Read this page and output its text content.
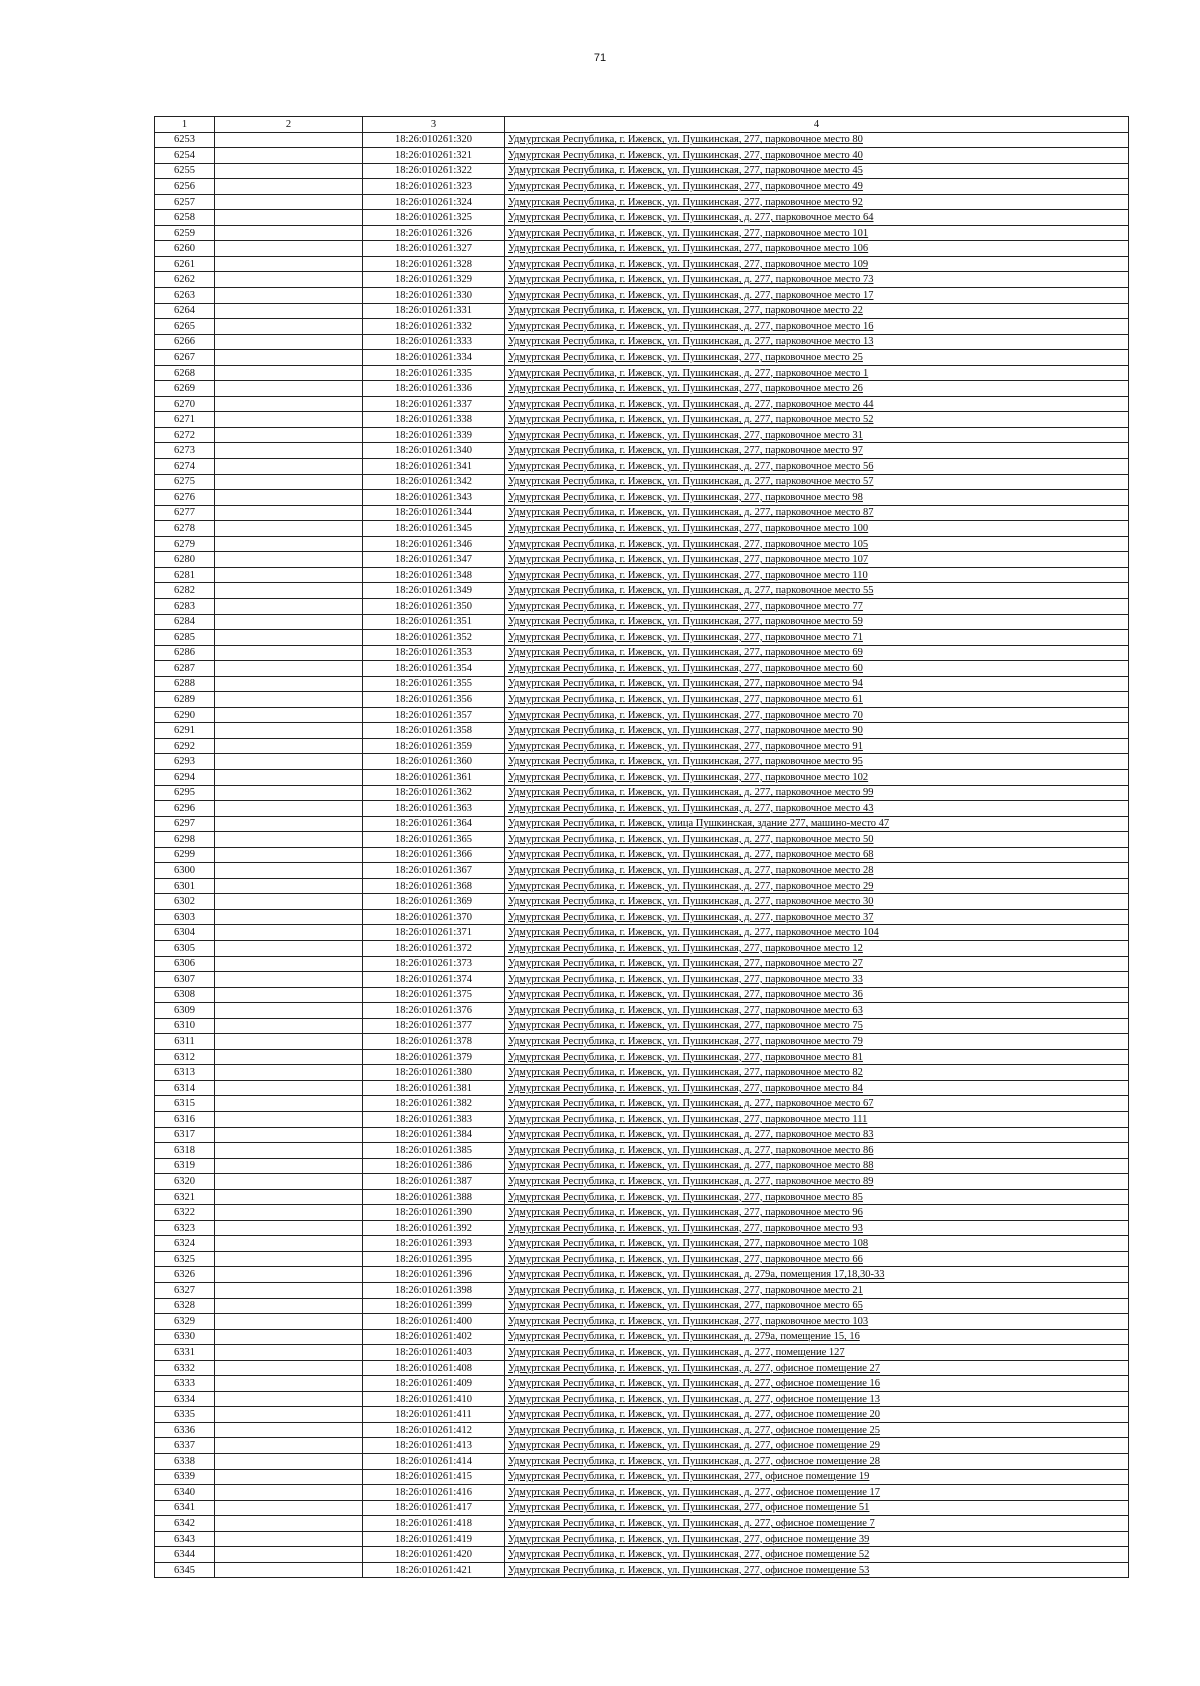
71
1	2	3	4
6253		18:26:010261:320	Удмуртская Республика, г. Ижевск, ул. Пушкинская, 277, парковочное место 80
6254		18:26:010261:321	Удмуртская Республика, г. Ижевск, ул. Пушкинская, 277, парковочное место 40
6255		18:26:010261:322	Удмуртская Республика, г. Ижевск, ул. Пушкинская, 277, парковочное место 45
6256		18:26:010261:323	Удмуртская Республика, г. Ижевск, ул. Пушкинская, 277, парковочное место 49
6257		18:26:010261:324	Удмуртская Республика, г. Ижевск, ул. Пушкинская, 277, парковочное место 92
6258		18:26:010261:325	Удмуртская Республика, г. Ижевск, ул. Пушкинская, д. 277, парковочное место 64
6259		18:26:010261:326	Удмуртская Республика, г. Ижевск, ул. Пушкинская, 277, парковочное место 101
6260		18:26:010261:327	Удмуртская Республика, г. Ижевск, ул. Пушкинская, 277, парковочное место 106
6261		18:26:010261:328	Удмуртская Республика, г. Ижевск, ул. Пушкинская, 277, парковочное место 109
6262		18:26:010261:329	Удмуртская Республика, г. Ижевск, ул. Пушкинская, д. 277, парковочное место 73
6263		18:26:010261:330	Удмуртская Республика, г. Ижевск, ул. Пушкинская, д. 277, парковочное место 17
6264		18:26:010261:331	Удмуртская Республика, г. Ижевск, ул. Пушкинская, 277, парковочное место 22
6265		18:26:010261:332	Удмуртская Республика, г. Ижевск, ул. Пушкинская, д. 277, парковочное место 16
6266		18:26:010261:333	Удмуртская Республика, г. Ижевск, ул. Пушкинская, д. 277, парковочное место 13
6267		18:26:010261:334	Удмуртская Республика, г. Ижевск, ул. Пушкинская, 277, парковочное место 25
6268		18:26:010261:335	Удмуртская Республика, г. Ижевск, ул. Пушкинская, д. 277, парковочное место 1
6269		18:26:010261:336	Удмуртская Республика, г. Ижевск, ул. Пушкинская, 277, парковочное место 26
6270		18:26:010261:337	Удмуртская Республика, г. Ижевск, ул. Пушкинская, д. 277, парковочное место 44
6271		18:26:010261:338	Удмуртская Республика, г. Ижевск, ул. Пушкинская, д. 277, парковочное место 52
6272		18:26:010261:339	Удмуртская Республика, г. Ижевск, ул. Пушкинская, 277, парковочное место 31
6273		18:26:010261:340	Удмуртская Республика, г. Ижевск, ул. Пушкинская, 277, парковочное место 97
6274		18:26:010261:341	Удмуртская Республика, г. Ижевск, ул. Пушкинская, д. 277, парковочное место 56
6275		18:26:010261:342	Удмуртская Республика, г. Ижевск, ул. Пушкинская, д. 277, парковочное место 57
6276		18:26:010261:343	Удмуртская Республика, г. Ижевск, ул. Пушкинская, 277, парковочное место 98
6277		18:26:010261:344	Удмуртская Республика, г. Ижевск, ул. Пушкинская, д. 277, парковочное место 87
6278		18:26:010261:345	Удмуртская Республика, г. Ижевск, ул. Пушкинская, 277, парковочное место 100
6279		18:26:010261:346	Удмуртская Республика, г. Ижевск, ул. Пушкинская, 277, парковочное место 105
6280		18:26:010261:347	Удмуртская Республика, г. Ижевск, ул. Пушкинская, 277, парковочное место 107
6281		18:26:010261:348	Удмуртская Республика, г. Ижевск, ул. Пушкинская, 277, парковочное место 110
6282		18:26:010261:349	Удмуртская Республика, г. Ижевск, ул. Пушкинская, д. 277, парковочное место 55
6283		18:26:010261:350	Удмуртская Республика, г. Ижевск, ул. Пушкинская, 277, парковочное место 77
6284		18:26:010261:351	Удмуртская Республика, г. Ижевск, ул. Пушкинская, 277, парковочное место 59
6285		18:26:010261:352	Удмуртская Республика, г. Ижевск, ул. Пушкинская, 277, парковочное место 71
6286		18:26:010261:353	Удмуртская Республика, г. Ижевск, ул. Пушкинская, 277, парковочное место 69
6287		18:26:010261:354	Удмуртская Республика, г. Ижевск, ул. Пушкинская, 277, парковочное место 60
6288		18:26:010261:355	Удмуртская Республика, г. Ижевск, ул. Пушкинская, 277, парковочное место 94
6289		18:26:010261:356	Удмуртская Республика, г. Ижевск, ул. Пушкинская, 277, парковочное место 61
6290		18:26:010261:357	Удмуртская Республика, г. Ижевск, ул. Пушкинская, 277, парковочное место 70
6291		18:26:010261:358	Удмуртская Республика, г. Ижевск, ул. Пушкинская, 277, парковочное место 90
6292		18:26:010261:359	Удмуртская Республика, г. Ижевск, ул. Пушкинская, 277, парковочное место 91
6293		18:26:010261:360	Удмуртская Республика, г. Ижевск, ул. Пушкинская, 277, парковочное место 95
6294		18:26:010261:361	Удмуртская Республика, г. Ижевск, ул. Пушкинская, 277, парковочное место 102
6295		18:26:010261:362	Удмуртская Республика, г. Ижевск, ул. Пушкинская, д. 277, парковочное место 99
6296		18:26:010261:363	Удмуртская Республика, г. Ижевск, ул. Пушкинская, д. 277, парковочное место 43
6297		18:26:010261:364	Удмуртская Республика, г. Ижевск, улица Пушкинская, здание 277, машино-место 47
6298		18:26:010261:365	Удмуртская Республика, г. Ижевск, ул. Пушкинская, д. 277, парковочное место 50
6299		18:26:010261:366	Удмуртская Республика, г. Ижевск, ул. Пушкинская, д. 277, парковочное место 68
6300		18:26:010261:367	Удмуртская Республика, г. Ижевск, ул. Пушкинская, д. 277, парковочное место 28
6301		18:26:010261:368	Удмуртская Республика, г. Ижевск, ул. Пушкинская, д. 277, парковочное место 29
6302		18:26:010261:369	Удмуртская Республика, г. Ижевск, ул. Пушкинская, д. 277, парковочное место 30
6303		18:26:010261:370	Удмуртская Республика, г. Ижевск, ул. Пушкинская, д. 277, парковочное место 37
6304		18:26:010261:371	Удмуртская Республика, г. Ижевск, ул. Пушкинская, д. 277, парковочное место 104
6305		18:26:010261:372	Удмуртская Республика, г. Ижевск, ул. Пушкинская, 277, парковочное место 12
6306		18:26:010261:373	Удмуртская Республика, г. Ижевск, ул. Пушкинская, 277, парковочное место 27
6307		18:26:010261:374	Удмуртская Республика, г. Ижевск, ул. Пушкинская, 277, парковочное место 33
6308		18:26:010261:375	Удмуртская Республика, г. Ижевск, ул. Пушкинская, 277, парковочное место 36
6309		18:26:010261:376	Удмуртская Республика, г. Ижевск, ул. Пушкинская, 277, парковочное место 63
6310		18:26:010261:377	Удмуртская Республика, г. Ижевск, ул. Пушкинская, 277, парковочное место 75
6311		18:26:010261:378	Удмуртская Республика, г. Ижевск, ул. Пушкинская, 277, парковочное место 79
6312		18:26:010261:379	Удмуртская Республика, г. Ижевск, ул. Пушкинская, 277, парковочное место 81
6313		18:26:010261:380	Удмуртская Республика, г. Ижевск, ул. Пушкинская, 277, парковочное место 82
6314		18:26:010261:381	Удмуртская Республика, г. Ижевск, ул. Пушкинская, 277, парковочное место 84
6315		18:26:010261:382	Удмуртская Республика, г. Ижевск, ул. Пушкинская, д. 277, парковочное место 67
6316		18:26:010261:383	Удмуртская Республика, г. Ижевск, ул. Пушкинская, 277, парковочное место 111
6317		18:26:010261:384	Удмуртская Республика, г. Ижевск, ул. Пушкинская, д. 277, парковочное место 83
6318		18:26:010261:385	Удмуртская Республика, г. Ижевск, ул. Пушкинская, д. 277, парковочное место 86
6319		18:26:010261:386	Удмуртская Республика, г. Ижевск, ул. Пушкинская, д. 277, парковочное место 88
6320		18:26:010261:387	Удмуртская Республика, г. Ижевск, ул. Пушкинская, д. 277, парковочное место 89
6321		18:26:010261:388	Удмуртская Республика, г. Ижевск, ул. Пушкинская, 277, парковочное место 85
6322		18:26:010261:390	Удмуртская Республика, г. Ижевск, ул. Пушкинская, 277, парковочное место 96
6323		18:26:010261:392	Удмуртская Республика, г. Ижевск, ул. Пушкинская, 277, парковочное место 93
6324		18:26:010261:393	Удмуртская Республика, г. Ижевск, ул. Пушкинская, 277, парковочное место 108
6325		18:26:010261:395	Удмуртская Республика, г. Ижевск, ул. Пушкинская, 277, парковочное место 66
6326		18:26:010261:396	Удмуртская Республика, г. Ижевск, ул. Пушкинская, д. 279а, помещения 17,18,30-33
6327		18:26:010261:398	Удмуртская Республика, г. Ижевск, ул. Пушкинская, 277, парковочное место 21
6328		18:26:010261:399	Удмуртская Республика, г. Ижевск, ул. Пушкинская, 277, парковочное место 65
6329		18:26:010261:400	Удмуртская Республика, г. Ижевск, ул. Пушкинская, 277, парковочное место 103
6330		18:26:010261:402	Удмуртская Республика, г. Ижевск, ул. Пушкинская, д. 279а, помещение 15, 16
6331		18:26:010261:403	Удмуртская Республика, г. Ижевск, ул. Пушкинская, д. 277, помещение 127
6332		18:26:010261:408	Удмуртская Республика, г. Ижевск, ул. Пушкинская, д. 277, офисное помещение 27
6333		18:26:010261:409	Удмуртская Республика, г. Ижевск, ул. Пушкинская, д. 277, офисное помещение 16
6334		18:26:010261:410	Удмуртская Республика, г. Ижевск, ул. Пушкинская, д. 277, офисное помещение 13
6335		18:26:010261:411	Удмуртская Республика, г. Ижевск, ул. Пушкинская, д. 277, офисное помещение 20
6336		18:26:010261:412	Удмуртская Республика, г. Ижевск, ул. Пушкинская, д. 277, офисное помещение 25
6337		18:26:010261:413	Удмуртская Республика, г. Ижевск, ул. Пушкинская, д. 277, офисное помещение 29
6338		18:26:010261:414	Удмуртская Республика, г. Ижевск, ул. Пушкинская, д. 277, офисное помещение 28
6339		18:26:010261:415	Удмуртская Республика, г. Ижевск, ул. Пушкинская, 277, офисное помещение 19
6340		18:26:010261:416	Удмуртская Республика, г. Ижевск, ул. Пушкинская, д. 277, офисное помещение 17
6341		18:26:010261:417	Удмуртская Республика, г. Ижевск, ул. Пушкинская, 277, офисное помещение 51
6342		18:26:010261:418	Удмуртская Республика, г. Ижевск, ул. Пушкинская, д. 277, офисное помещение 7
6343		18:26:010261:419	Удмуртская Республика, г. Ижевск, ул. Пушкинская, 277, офисное помещение 39
6344		18:26:010261:420	Удмуртская Республика, г. Ижевск, ул. Пушкинская, 277, офисное помещение 52
6345		18:26:010261:421	Удмуртская Республика, г. Ижевск, ул. Пушкинская, 277, офисное помещение 53
